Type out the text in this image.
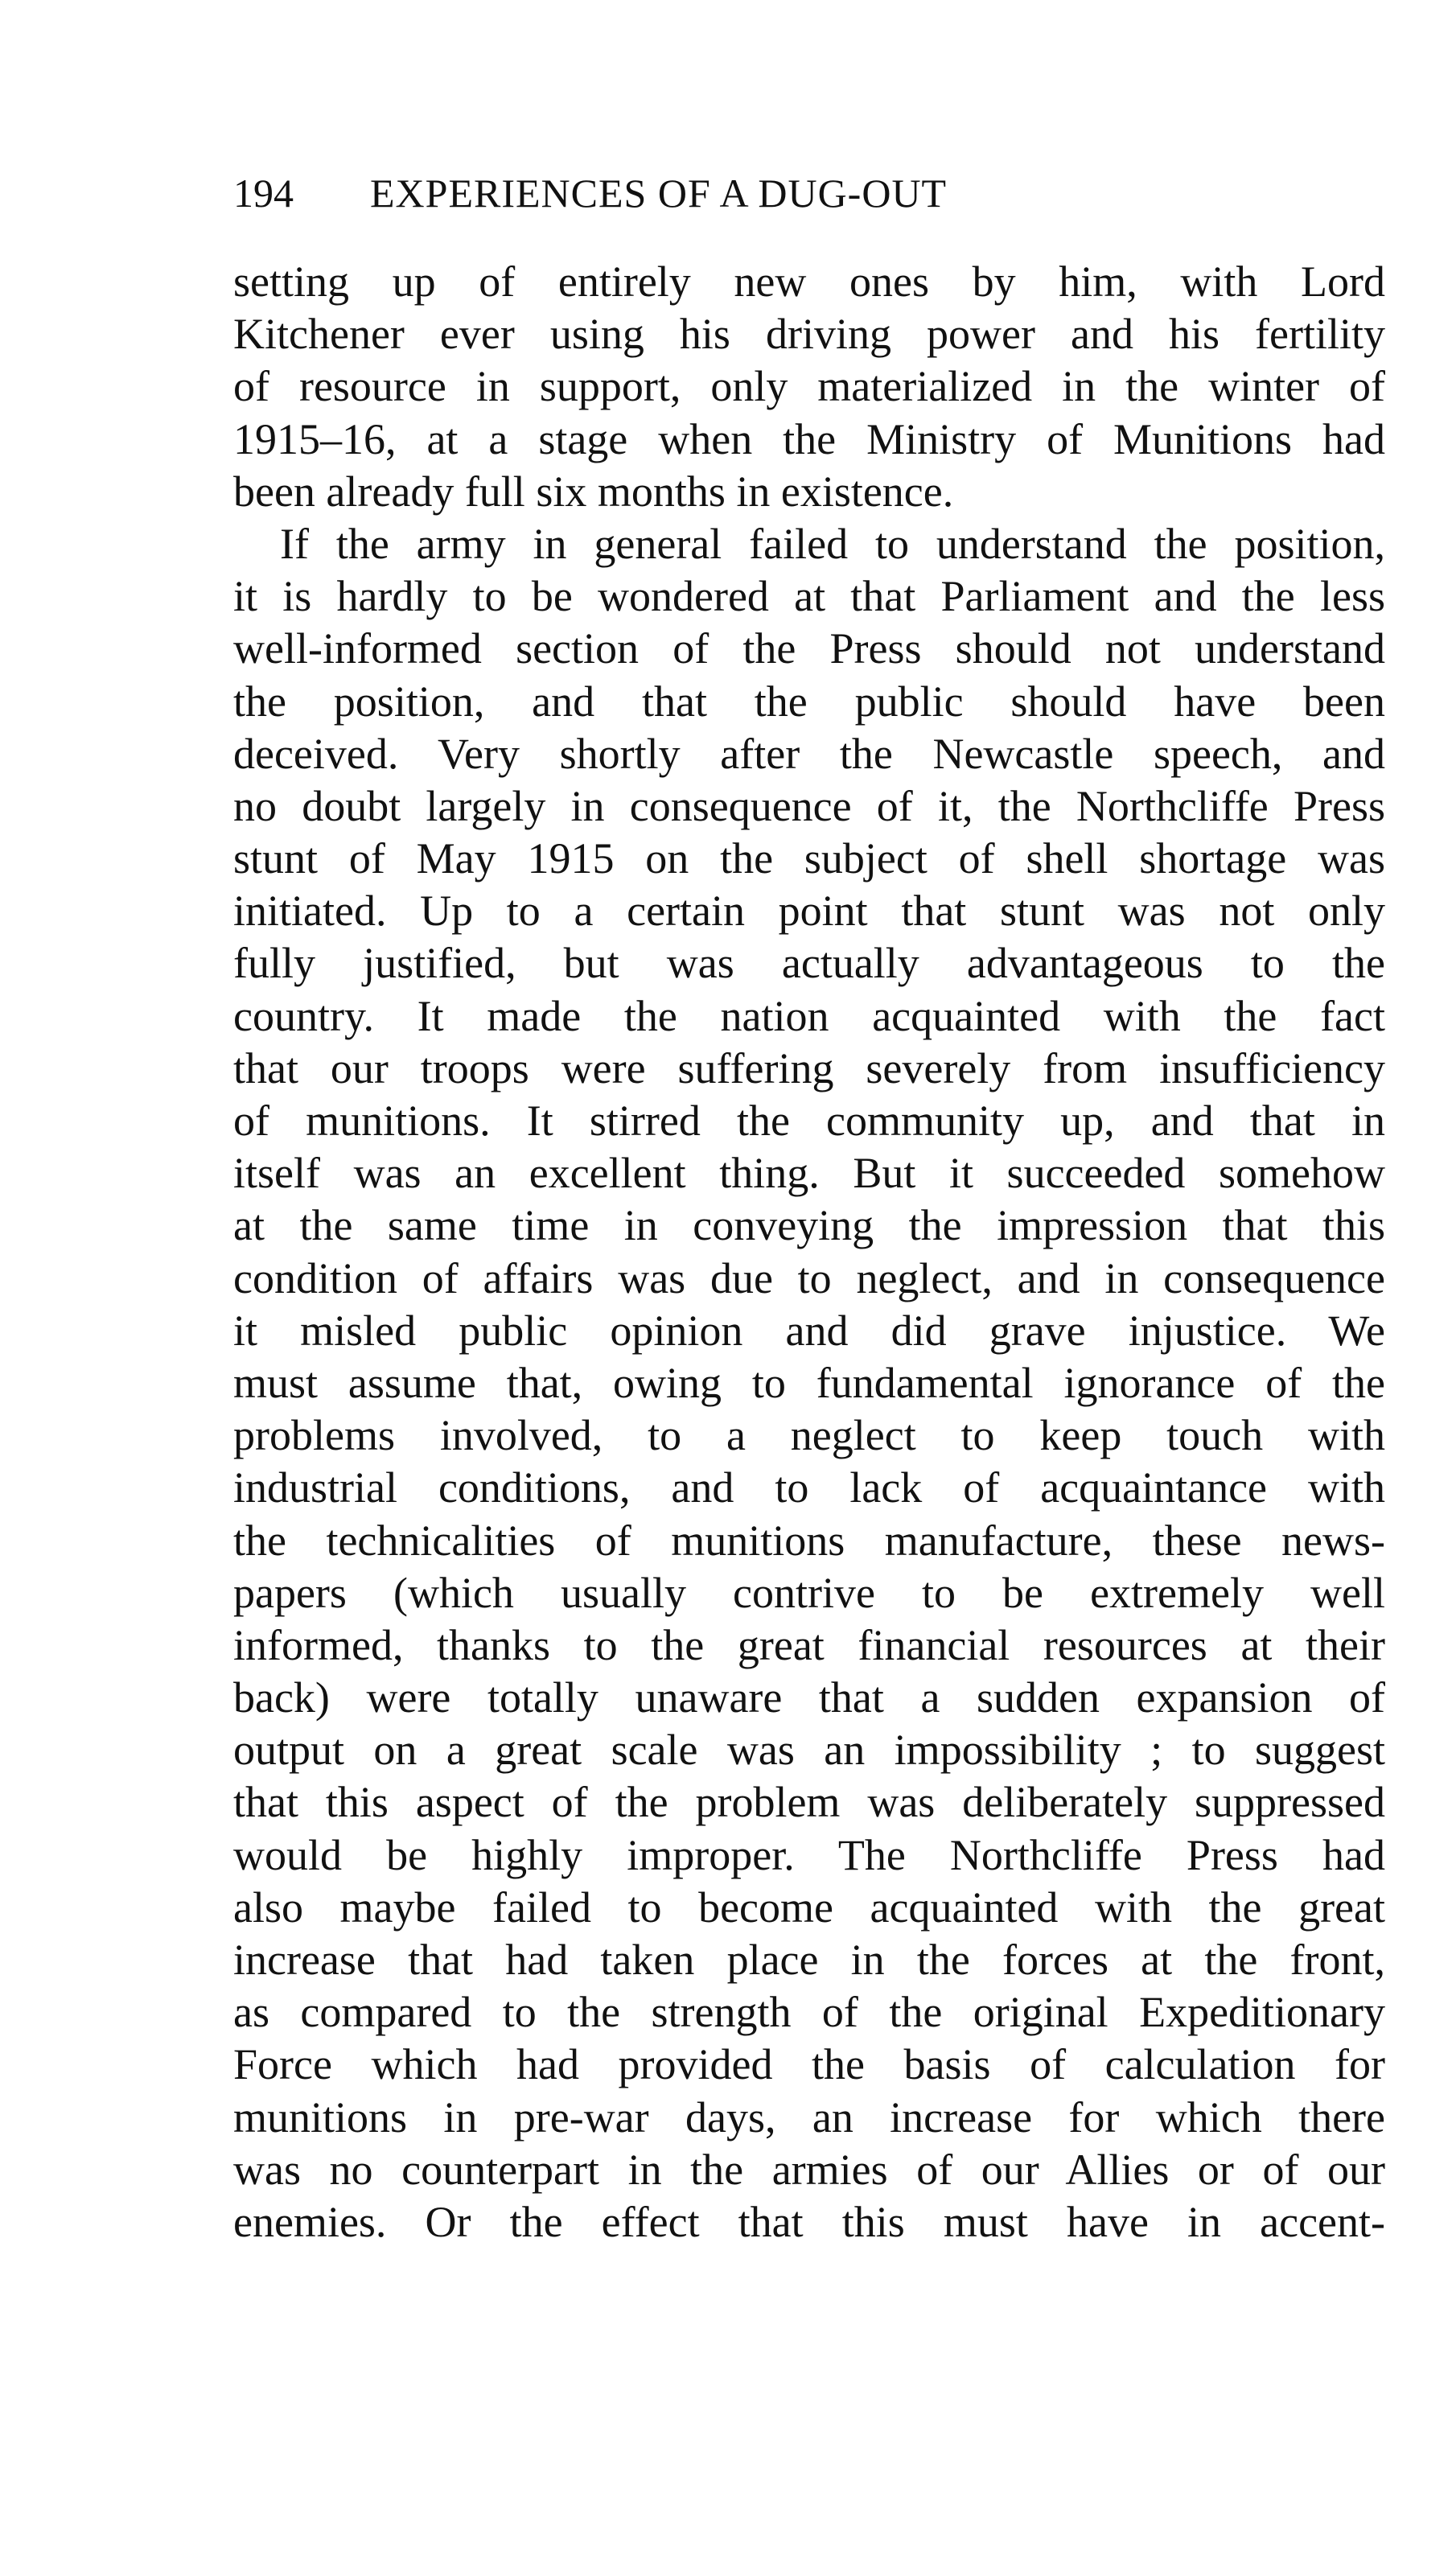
194 EXPERIENCES OF A DUG-OUT
setting up of entirely new ones by him, with Lord
Kitchener ever using his driving power and his fertility
of resource in support, only materialized in the winter of
1915–16, at a stage when the Ministry of Munitions had
been already full six months in existence.
If the army in general failed to understand the position,
it is hardly to be wondered at that Parliament and the less
well-informed section of the Press should not understand
the position, and that the public should have been
deceived. Very shortly after the Newcastle speech, and
no doubt largely in consequence of it, the Northcliffe Press
stunt of May 1915 on the subject of shell shortage was
initiated. Up to a certain point that stunt was not only
fully justified, but was actually advantageous to the
country. It made the nation acquainted with the fact
that our troops were suffering severely from insufficiency
of munitions. It stirred the community up, and that in
itself was an excellent thing. But it succeeded somehow
at the same time in conveying the impression that this
condition of affairs was due to neglect, and in consequence
it misled public opinion and did grave injustice. We
must assume that, owing to fundamental ignorance of the
problems involved, to a neglect to keep touch with
industrial conditions, and to lack of acquaintance with
the technicalities of munitions manufacture, these news-
papers (which usually contrive to be extremely well
informed, thanks to the great financial resources at their
back) were totally unaware that a sudden expansion of
output on a great scale was an impossibility ; to suggest
that this aspect of the problem was deliberately suppressed
would be highly improper. The Northcliffe Press had
also maybe failed to become acquainted with the great
increase that had taken place in the forces at the front,
as compared to the strength of the original Expeditionary
Force which had provided the basis of calculation for
munitions in pre-war days, an increase for which there
was no counterpart in the armies of our Allies or of our
enemies. Or the effect that this must have in accent-
